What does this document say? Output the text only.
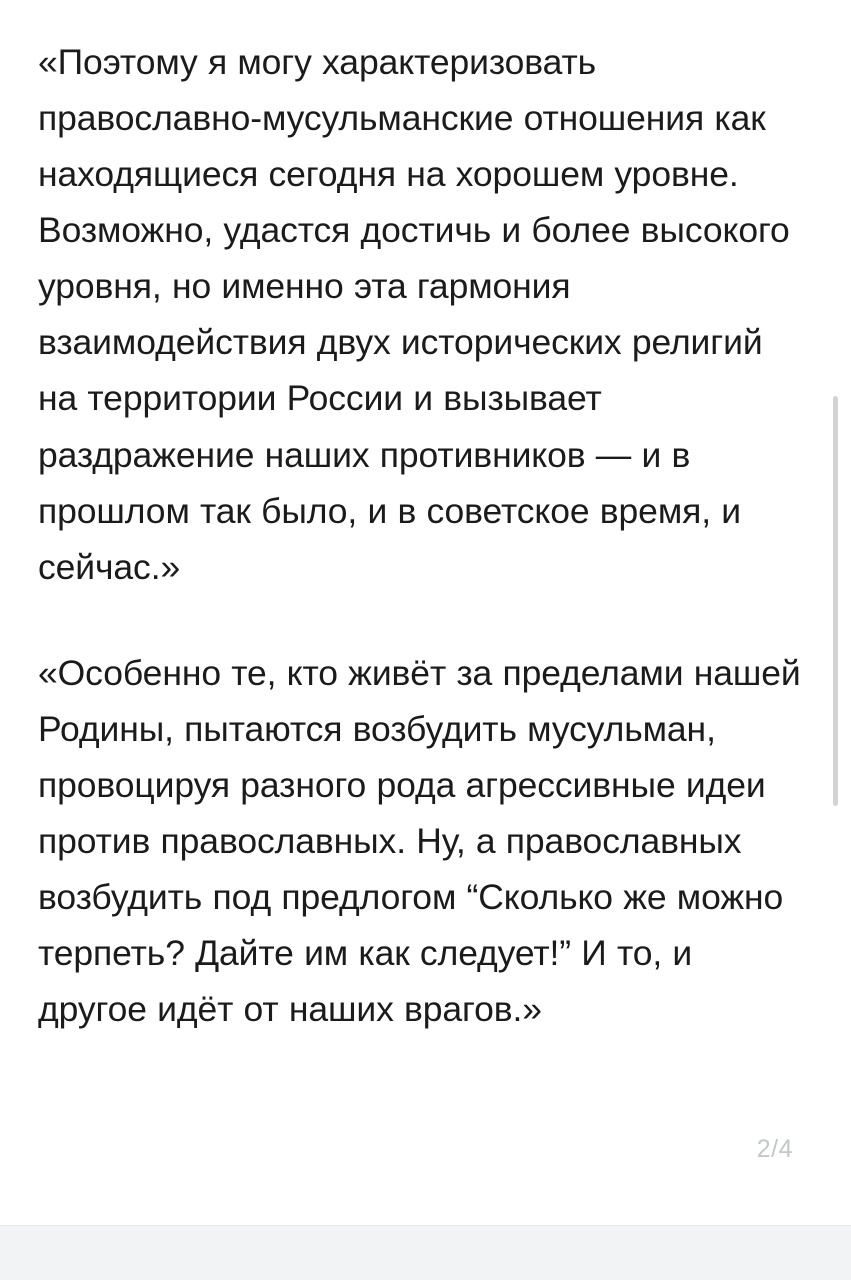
«Поэтому я могу характеризовать православно-мусульманские отношения как находящиеся сегодня на хорошем уровне. Возможно, удастся достичь и более высокого уровня, но именно эта гармония взаимодействия двух исторических религий на территории России и вызывает раздражение наших противников — и в прошлом так было, и в советское время, и сейчас.»

«Особенно те, кто живёт за пределами нашей Родины, пытаются возбудить мусульман, провоцируя разного рода агрессивные идеи против православных. Ну, а православных возбудить под предлогом “Сколько же можно терпеть? Дайте им как следует!” И то, и другое идёт от наших врагов.»

2/4
